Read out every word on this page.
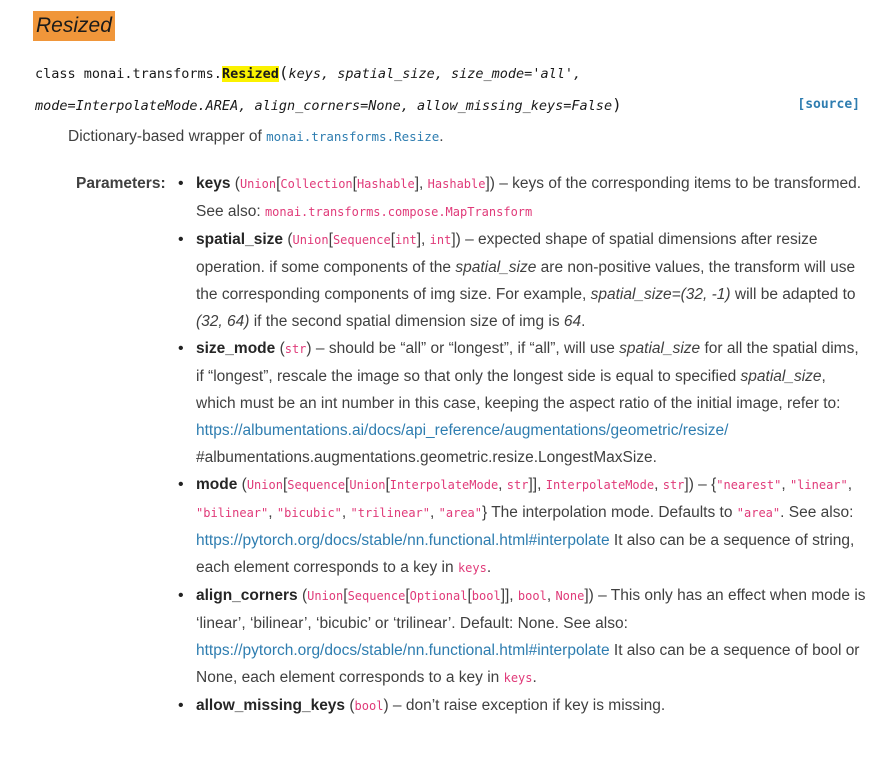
Resized
class monai.transforms.Resized(keys, spatial_size, size_mode='all',
mode=InterpolateMode.AREA, align_corners=None, allow_missing_keys=False)	[source]
Dictionary-based wrapper of monai.transforms.Resize.
Parameters:
•	keys (Union[Collection[Hashable], Hashable]) – keys of the corresponding items to be transformed. See also: monai.transforms.compose.MapTransform
• spatial_size (Union[Sequence[int], int]) – expected shape of spatial dimensions after resize operation. if some components of the spatial_size are non-positive values, the transform will use the corresponding components of img size. For example, spatial_size=(32, -1) will be adapted to (32, 64) if the second spatial dimension size of img is 64.
• size_mode (str) – should be “all” or “longest”, if “all”, will use spatial_size for all the spatial dims, if “longest”, rescale the image so that only the longest side is equal to specified spatial_size, which must be an int number in this case, keeping the aspect ratio of the initial image, refer to: https://albumentations.ai/docs/api_reference/augmentations/geometric/resize/ #albumentations.augmentations.geometric.resize.LongestMaxSize.
• mode (Union[Sequence[Union[InterpolateMode, str]], InterpolateMode, str]) – {"nearest", "linear", "bilinear", "bicubic", "trilinear", "area"} The interpolation mode. Defaults to "area". See also: https://pytorch.org/docs/stable/nn.functional.html#interpolate It also can be a sequence of string, each element corresponds to a key in keys.
• align_corners (Union[Sequence[Optional[bool]], bool, None]) – This only has an effect when mode is ‘linear’, ‘bilinear’, ‘bicubic’ or ‘trilinear’. Default: None. See also: https://pytorch.org/docs/stable/nn.functional.html#interpolate It also can be a sequence of bool or None, each element corresponds to a key in keys.
• allow_missing_keys (bool) – don’t raise exception if key is missing.
